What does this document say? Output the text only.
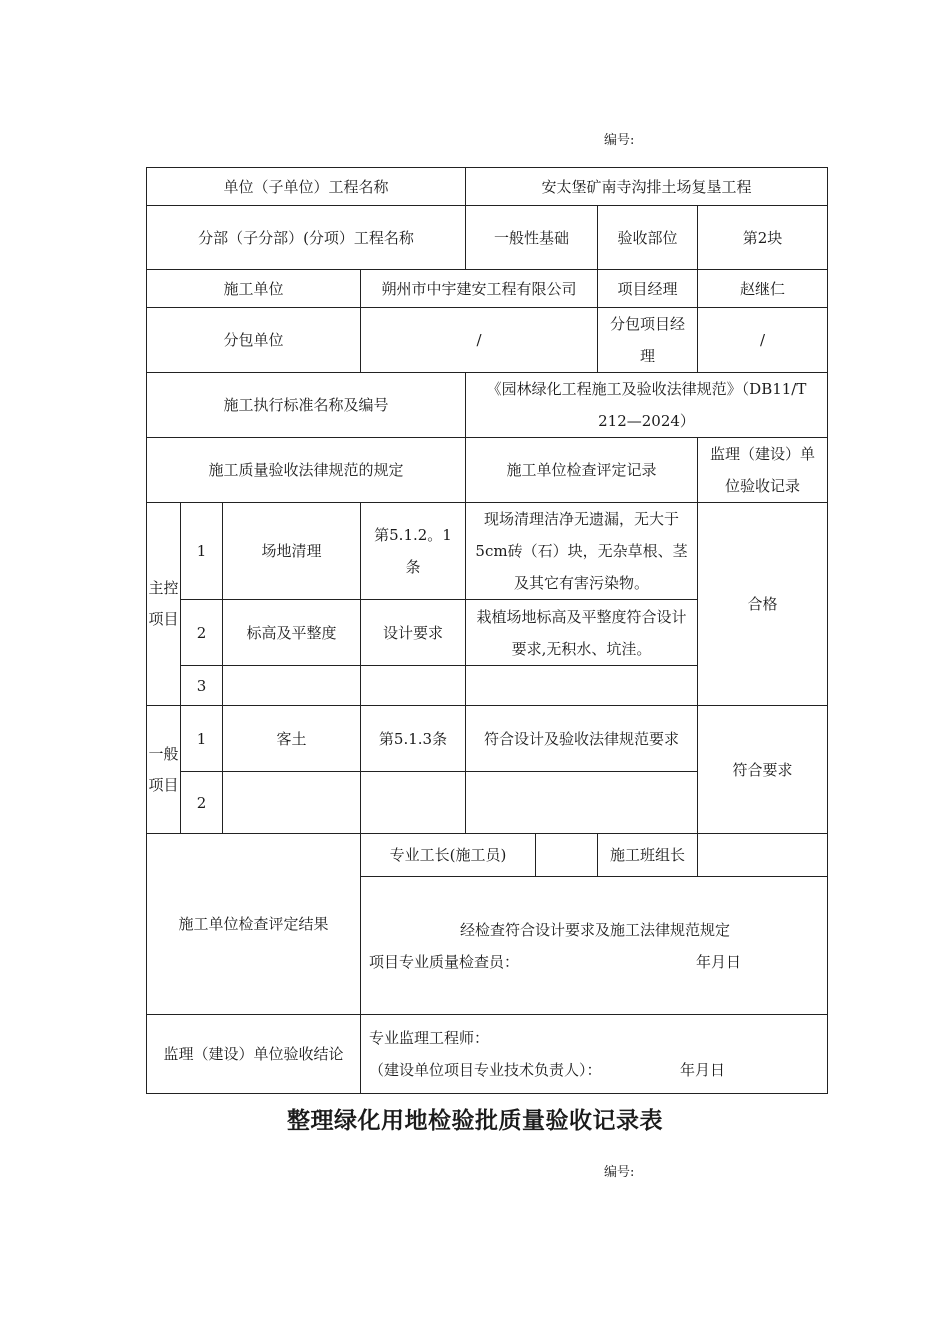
编号:
单位（子单位）工程名称				安太堡矿南寺沟排土场复垦工程			
分部（子分部）(分项）工程名称				一般性基础		验收部位	第2块
施工单位			朔州市中宇建安工程有限公司			项目经理	赵继仁
分包单位			/			分包项目经理	/
施工执行标准名称及编号				《园林绿化工程施工及验收法律规范》（DB11/T 212—2024）			
施工质量验收法律规范的规定				施工单位检查评定记录			监理（建设）单位验收记录
主控项目	1	场地清理	第5.1.2。1条	现场清理洁净无遗漏，无大于5cm砖（石）块，无杂草根、茎及其它有害污染物。			合格
	2	标高及平整度	设计要求	栽植场地标高及平整度符合设计要求,无积水、坑洼。			
	3						
一般项目	1	客土	第5.1.3条	符合设计及验收法律规范要求			符合要求
	2						
施工单位检查评定结果			专业工长(施工员)			施工班组长	

			经检查符合设计要求及施工法律规范规定
项目专业质量检查员： 年月日				

监理（建设）单位验收结论			专业监理工程师：
（建设单位项目专业技术负责人）： 年月日				
整理绿化用地检验批质量验收记录表
编号:
